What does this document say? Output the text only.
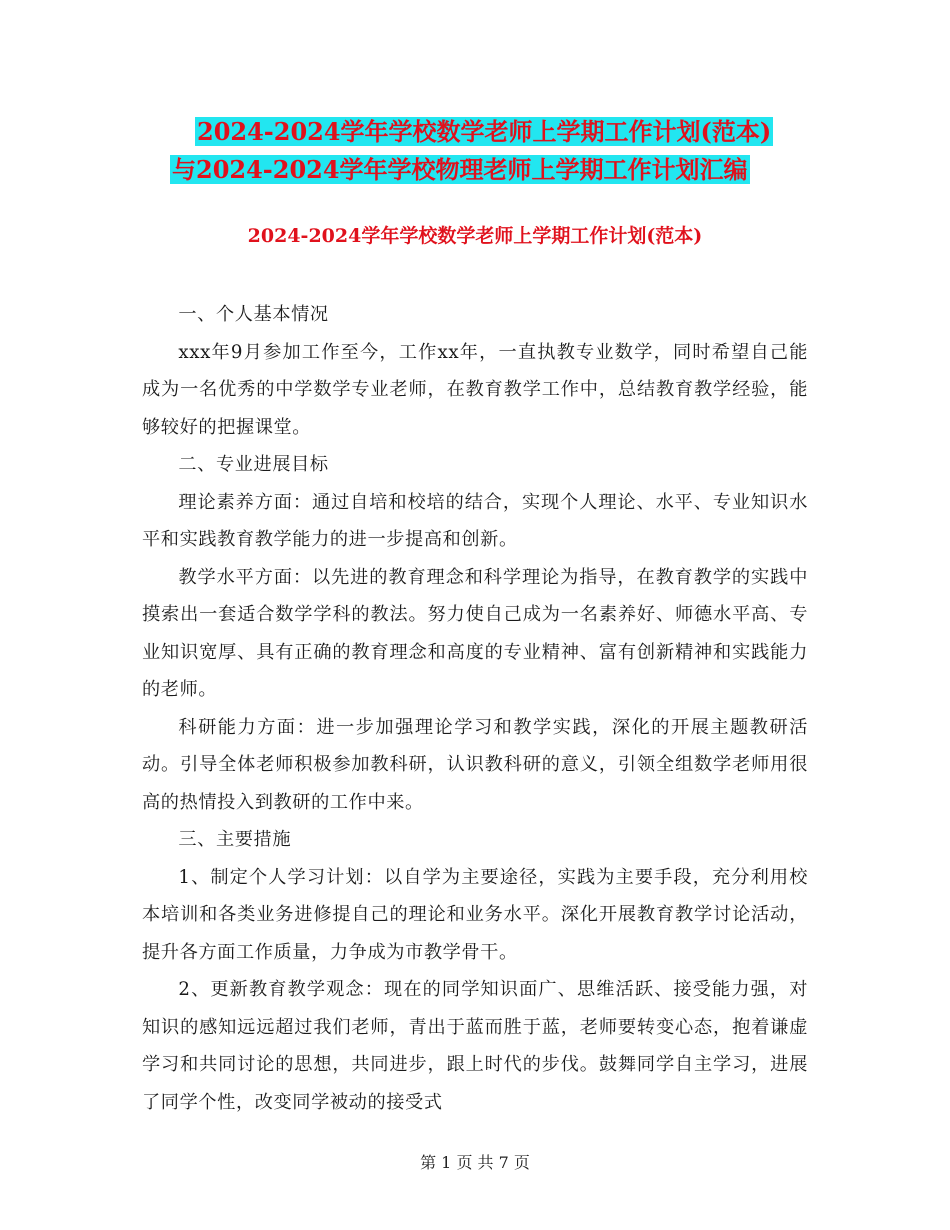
2024-2024学年学校数学老师上学期工作计划(范本)
与2024-2024学年学校物理老师上学期工作计划汇编
2024-2024学年学校数学老师上学期工作计划(范本)

一、个人基本情况

xxx年9月参加工作至今，工作xx年，一直执教专业数学，同时希望自己能成为一名优秀的中学数学专业老师，在教育教学工作中，总结教育教学经验，能够较好的把握课堂。

二、专业进展目标

理论素养方面：通过自培和校培的结合，实现个人理论、水平、专业知识水平和实践教育教学能力的进一步提高和创新。

教学水平方面：以先进的教育理念和科学理论为指导，在教育教学的实践中摸索出一套适合数学学科的教法。努力使自己成为一名素养好、师德水平高、专业知识宽厚、具有正确的教育理念和高度的专业精神、富有创新精神和实践能力的老师。

科研能力方面：进一步加强理论学习和教学实践，深化的开展主题教研活动。引导全体老师积极参加教科研，认识教科研的意义，引领全组数学老师用很高的热情投入到教研的工作中来。

三、主要措施

1、制定个人学习计划：以自学为主要途径，实践为主要手段，充分利用校本培训和各类业务进修提自己的理论和业务水平。深化开展教育教学讨论活动，提升各方面工作质量，力争成为市教学骨干。

2、更新教育教学观念：现在的同学知识面广、思维活跃、接受能力强，对知识的感知远远超过我们老师，青出于蓝而胜于蓝，老师要转变心态，抱着谦虚学习和共同讨论的思想，共同进步，跟上时代的步伐。鼓舞同学自主学习，进展了同学个性，改变同学被动的接受式

第 1 页 共 7 页
